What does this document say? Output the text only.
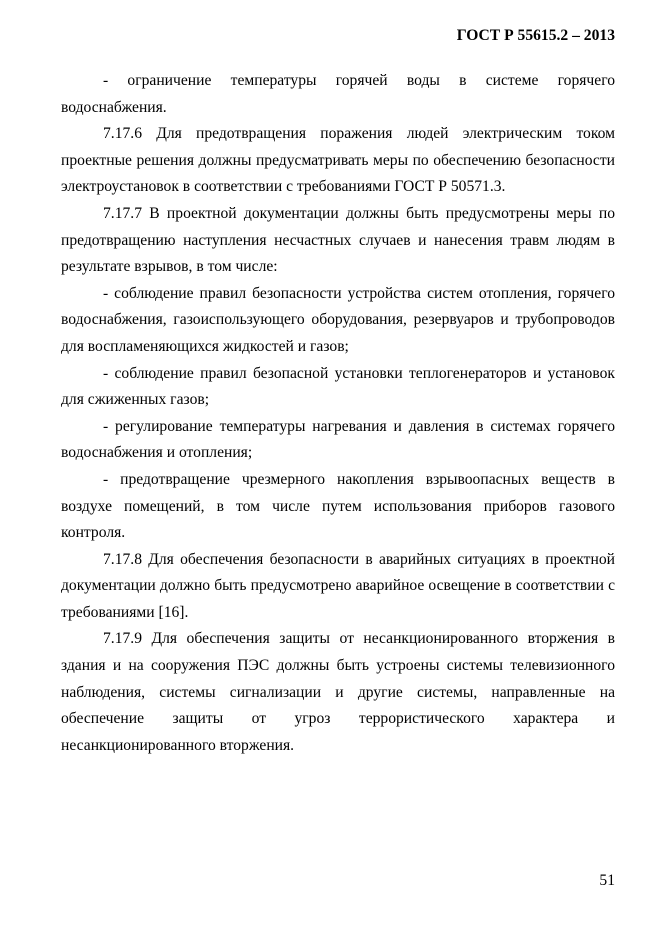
ГОСТ Р 55615.2 – 2013

- ограничение температуры горячей воды в системе горячего водоснабжения.

7.17.6 Для предотвращения поражения людей электрическим током проектные решения должны предусматривать меры по обеспечению безопасности электроустановок в соответствии с требованиями ГОСТ Р 50571.3.

7.17.7 В проектной документации должны быть предусмотрены меры по предотвращению наступления несчастных случаев и нанесения травм людям в результате взрывов, в том числе:

- соблюдение правил безопасности устройства систем отопления, горячего водоснабжения, газоиспользующего оборудования, резервуаров и трубопроводов для воспламеняющихся жидкостей и газов;

- соблюдение правил безопасной установки теплогенераторов и установок для сжиженных газов;

- регулирование температуры нагревания и давления в системах горячего водоснабжения и отопления;

- предотвращение чрезмерного накопления взрывоопасных веществ в воздухе помещений, в том числе путем использования приборов газового контроля.

7.17.8 Для обеспечения безопасности в аварийных ситуациях в проектной документации должно быть предусмотрено аварийное освещение в соответствии с требованиями [16].

7.17.9 Для обеспечения защиты от несанкционированного вторжения в здания и на сооружения ПЭС должны быть устроены системы телевизионного наблюдения, системы сигнализации и другие системы, направленные на обеспечение защиты от угроз террористического характера и

несанкционированного вторжения.

51
